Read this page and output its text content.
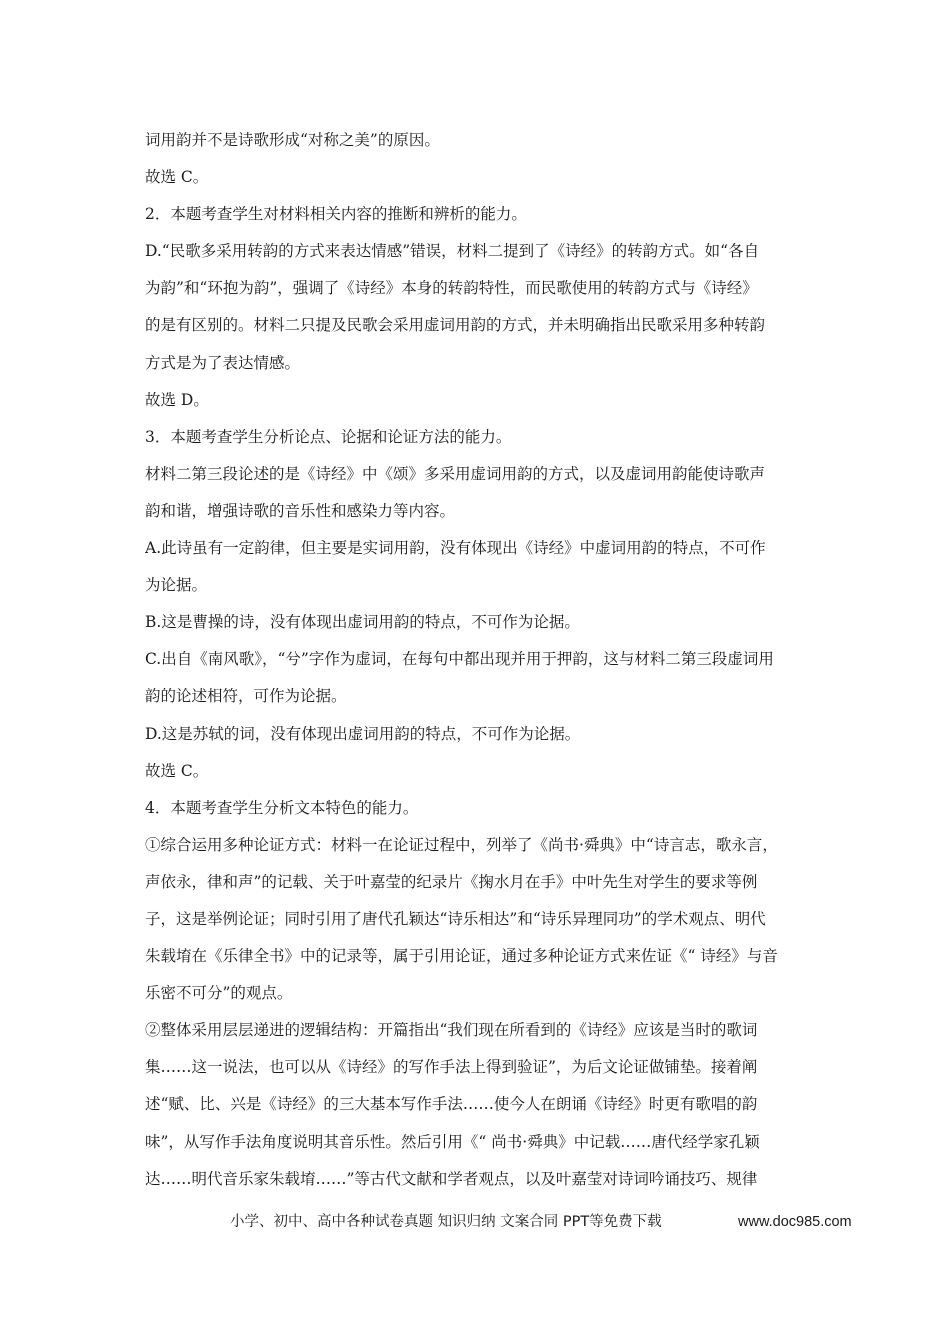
词用韵并不是诗歌形成“对称之美”的原因。
故选 C。
2．本题考查学生对材料相关内容的推断和辨析的能力。
D.“民歌多采用转韵的方式来表达情感”错误，材料二提到了《诗经》的转韵方式。如“各自
为韵”和“环抱为韵”，强调了《诗经》本身的转韵特性，而民歌使用的转韵方式与《诗经》
的是有区别的。材料二只提及民歌会采用虚词用韵的方式，并未明确指出民歌采用多种转韵
方式是为了表达情感。
故选 D。
3．本题考查学生分析论点、论据和论证方法的能力。
材料二第三段论述的是《诗经》中《颂》多采用虚词用韵的方式，以及虚词用韵能使诗歌声
韵和谐，增强诗歌的音乐性和感染力等内容。
A.此诗虽有一定韵律，但主要是实词用韵，没有体现出《诗经》中虚词用韵的特点，不可作
为论据。
B.这是曹操的诗，没有体现出虚词用韵的特点，不可作为论据。
C.出自《南风歌》，“兮”字作为虚词，在每句中都出现并用于押韵，这与材料二第三段虚词用
韵的论述相符，可作为论据。
D.这是苏轼的词，没有体现出虚词用韵的特点，不可作为论据。
故选 C。
4．本题考查学生分析文本特色的能力。
①综合运用多种论证方式：材料一在论证过程中，列举了《尚书·舜典》中“诗言志，歌永言，
声依永，律和声”的记载、关于叶嘉莹的纪录片《掬水月在手》中叶先生对学生的要求等例
子，这是举例论证；同时引用了唐代孔颖达“诗乐相达”和“诗乐异理同功”的学术观点、明代
朱载堉在《乐律全书》中的记录等，属于引用论证，通过多种论证方式来佐证《“ 诗经》与音
乐密不可分”的观点。
②整体采用层层递进的逻辑结构：开篇指出“我们现在所看到的《诗经》应该是当时的歌词
集……这一说法，也可以从《诗经》的写作手法上得到验证”，为后文论证做铺垫。接着阐
述“赋、比、兴是《诗经》的三大基本写作手法……使今人在朗诵《诗经》时更有歌唱的韵
味”，从写作手法角度说明其音乐性。然后引用《“ 尚书·舜典》中记载……唐代经学家孔颖
达……明代音乐家朱载堉……”等古代文献和学者观点，以及叶嘉莹对诗词吟诵技巧、规律
小学、初中、高中各种试卷真题 知识归纳 文案合同 PPT等免费下载	www.doc985.com
